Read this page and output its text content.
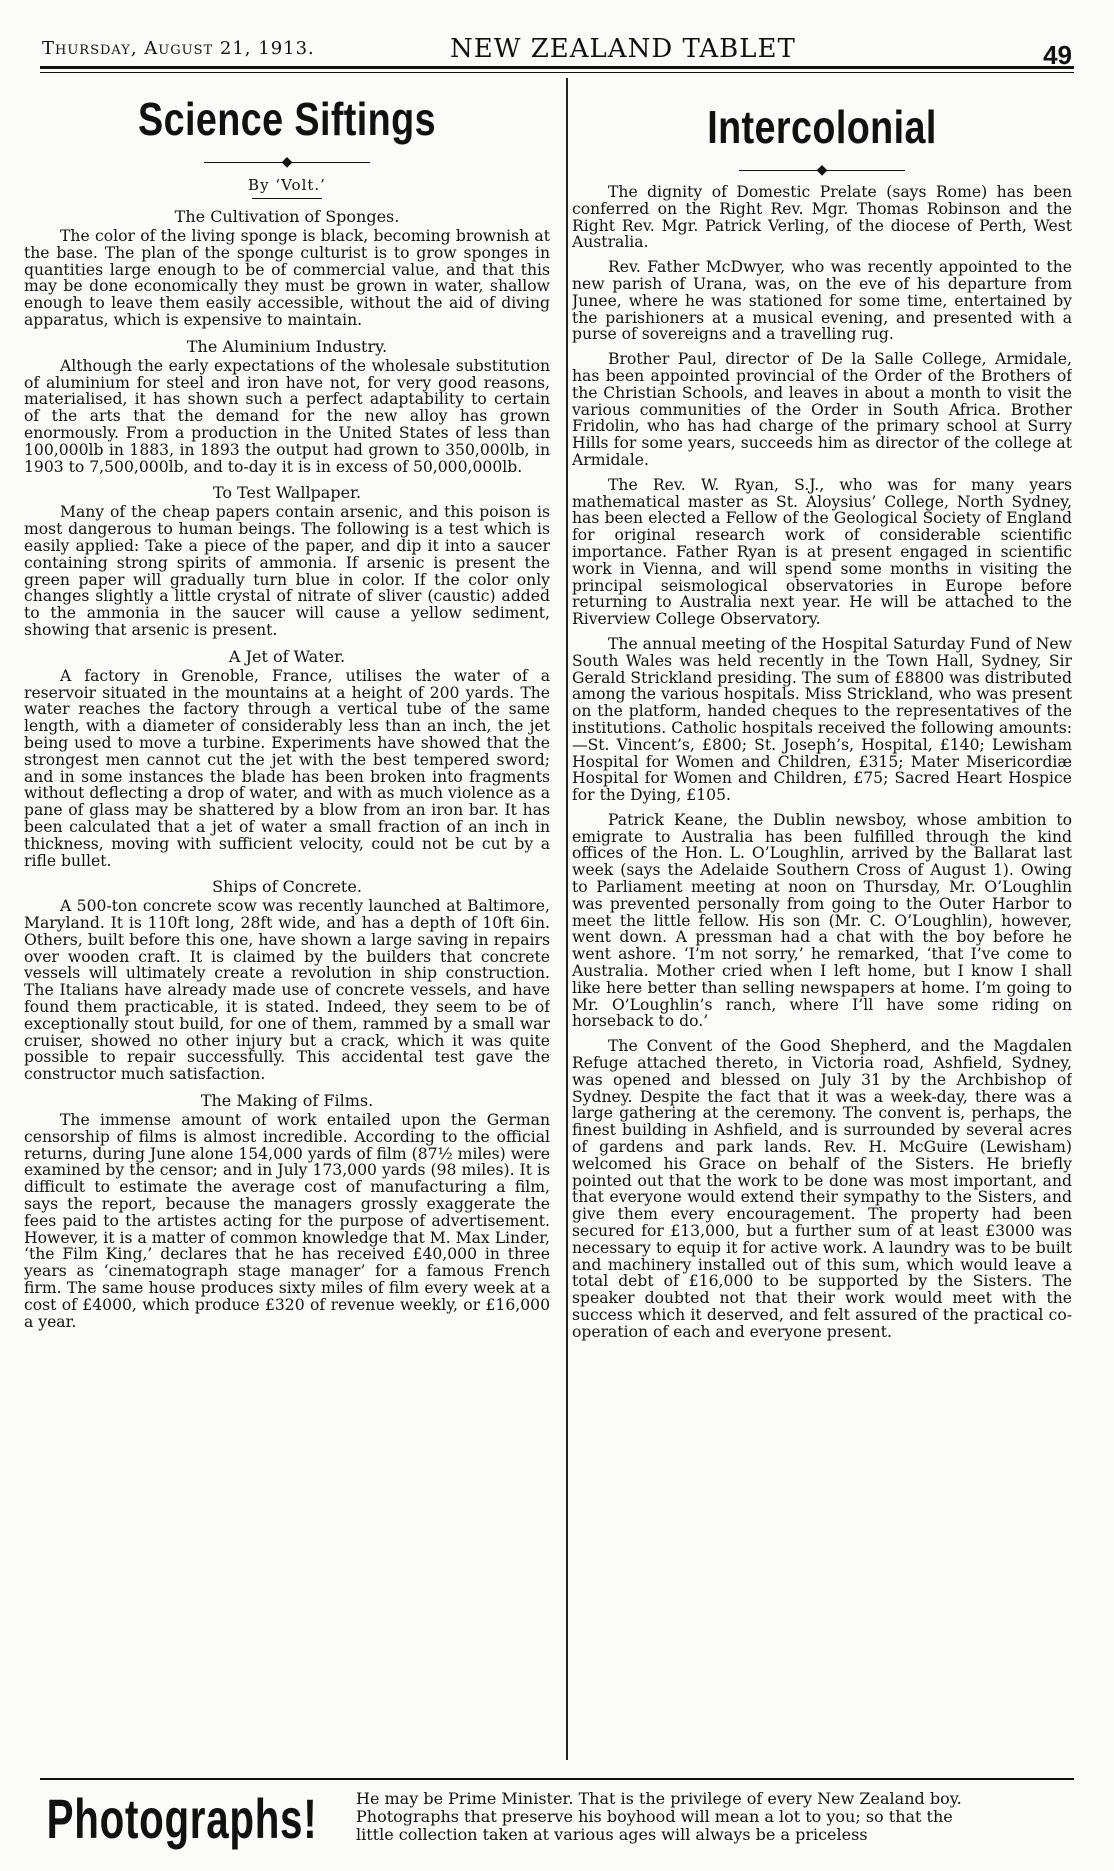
Thursday, August 21, 1913.	NEW ZEALAND TABLET	49
Science Siftings
◆
By ‘Volt.’
The Cultivation of Sponges.

The color of the living sponge is black, becoming brownish at the base. The plan of the sponge culturist is to grow sponges in quantities large enough to be of commercial value, and that this may be done economically they must be grown in water, shallow enough to leave them easily accessible, without the aid of diving apparatus, which is expensive to maintain.

The Aluminium Industry.

Although the early expectations of the wholesale substitution of aluminium for steel and iron have not, for very good reasons, materialised, it has shown such a perfect adaptability to certain of the arts that the demand for the new alloy has grown enormously. From a production in the United States of less than 100,000lb in 1883, in 1893 the output had grown to 350,000lb, in 1903 to 7,500,000lb, and to-day it is in excess of 50,000,000lb.

To Test Wallpaper.

Many of the cheap papers contain arsenic, and this poison is most dangerous to human beings. The following is a test which is easily applied: Take a piece of the paper, and dip it into a saucer containing strong spirits of ammonia. If arsenic is present the green paper will gradually turn blue in color. If the color only changes slightly a little crystal of nitrate of sliver (caustic) added to the ammonia in the saucer will cause a yellow sediment, showing that arsenic is present.

A Jet of Water.

A factory in Grenoble, France, utilises the water of a reservoir situated in the mountains at a height of 200 yards. The water reaches the factory through a vertical tube of the same length, with a diameter of considerably less than an inch, the jet being used to move a turbine. Experiments have showed that the strongest men cannot cut the jet with the best tempered sword; and in some instances the blade has been broken into fragments without deflecting a drop of water, and with as much violence as a pane of glass may be shattered by a blow from an iron bar. It has been calculated that a jet of water a small fraction of an inch in thickness, moving with sufficient velocity, could not be cut by a rifle bullet.

Ships of Concrete.

A 500-ton concrete scow was recently launched at Baltimore, Maryland. It is 110ft long, 28ft wide, and has a depth of 10ft 6in. Others, built before this one, have shown a large saving in repairs over wooden craft. It is claimed by the builders that concrete vessels will ultimately create a revolution in ship construction. The Italians have already made use of concrete vessels, and have found them practicable, it is stated. Indeed, they seem to be of exceptionally stout build, for one of them, rammed by a small war cruiser, showed no other injury but a crack, which it was quite possible to repair successfully. This accidental test gave the constructor much satisfaction.

The Making of Films.

The immense amount of work entailed upon the German censorship of films is almost incredible. According to the official returns, during June alone 154,000 yards of film (87½ miles) were examined by the censor; and in July 173,000 yards (98 miles). It is difficult to estimate the average cost of manufacturing a film, says the report, because the managers grossly exaggerate the fees paid to the artistes acting for the purpose of advertisement. However, it is a matter of common knowledge that M. Max Linder, ‘the Film King,’ declares that he has received £40,000 in three years as ‘cinematograph stage manager’ for a famous French firm. The same house produces sixty miles of film every week at a cost of £4000, which produce £320 of revenue weekly, or £16,000 a year.

Intercolonial
◆

The dignity of Domestic Prelate (says Rome) has been conferred on the Right Rev. Mgr. Thomas Robinson and the Right Rev. Mgr. Patrick Verling, of the diocese of Perth, West Australia.

Rev. Father McDwyer, who was recently appointed to the new parish of Urana, was, on the eve of his departure from Junee, where he was stationed for some time, entertained by the parishioners at a musical evening, and presented with a purse of sovereigns and a travelling rug.

Brother Paul, director of De la Salle College, Armidale, has been appointed provincial of the Order of the Brothers of the Christian Schools, and leaves in about a month to visit the various communities of the Order in South Africa. Brother Fridolin, who has had charge of the primary school at Surry Hills for some years, succeeds him as director of the college at Armidale.

The Rev. W. Ryan, S.J., who was for many years mathematical master as St. Aloysius’ College, North Sydney, has been elected a Fellow of the Geological Society of England for original research work of considerable scientific importance. Father Ryan is at present engaged in scientific work in Vienna, and will spend some months in visiting the principal seismological observatories in Europe before returning to Australia next year. He will be attached to the Riverview College Observatory.

The annual meeting of the Hospital Saturday Fund of New South Wales was held recently in the Town Hall, Sydney, Sir Gerald Strickland presiding. The sum of £8800 was distributed among the various hospitals. Miss Strickland, who was present on the platform, handed cheques to the representatives of the institutions. Catholic hospitals received the following amounts:—St. Vincent’s, £800; St. Joseph’s, Hospital, £140; Lewisham Hospital for Women and Children, £315; Mater Misericordiæ Hospital for Women and Children, £75; Sacred Heart Hospice for the Dying, £105.

Patrick Keane, the Dublin newsboy, whose ambition to emigrate to Australia has been fulfilled through the kind offices of the Hon. L. O’Loughlin, arrived by the Ballarat last week (says the Adelaide Southern Cross of August 1). Owing to Parliament meeting at noon on Thursday, Mr. O’Loughlin was prevented personally from going to the Outer Harbor to meet the little fellow. His son (Mr. C. O’Loughlin), however, went down. A pressman had a chat with the boy before he went ashore. ‘I’m not sorry,’ he remarked, ‘that I’ve come to Australia. Mother cried when I left home, but I know I shall like here better than selling newspapers at home. I’m going to Mr. O’Loughlin’s ranch, where I’ll have some riding on horseback to do.’

The Convent of the Good Shepherd, and the Magdalen Refuge attached thereto, in Victoria road, Ashfield, Sydney, was opened and blessed on July 31 by the Archbishop of Sydney. Despite the fact that it was a week-day, there was a large gathering at the ceremony. The convent is, perhaps, the finest building in Ashfield, and is surrounded by several acres of gardens and park lands. Rev. H. McGuire (Lewisham) welcomed his Grace on behalf of the Sisters. He briefly pointed out that the work to be done was most important, and that everyone would extend their sympathy to the Sisters, and give them every encouragement. The property had been secured for £13,000, but a further sum of at least £3000 was necessary to equip it for active work. A laundry was to be built and machinery installed out of this sum, which would leave a total debt of £16,000 to be supported by the Sisters. The speaker doubted not that their work would meet with the success which it deserved, and felt assured of the practical co-operation of each and everyone present.

Photographs!	He may be Prime Minister. That is the privilege of every New Zealand boy.
Photographs that preserve his boyhood will mean a lot to you; so that the
little collection taken at various ages will always be a priceless
